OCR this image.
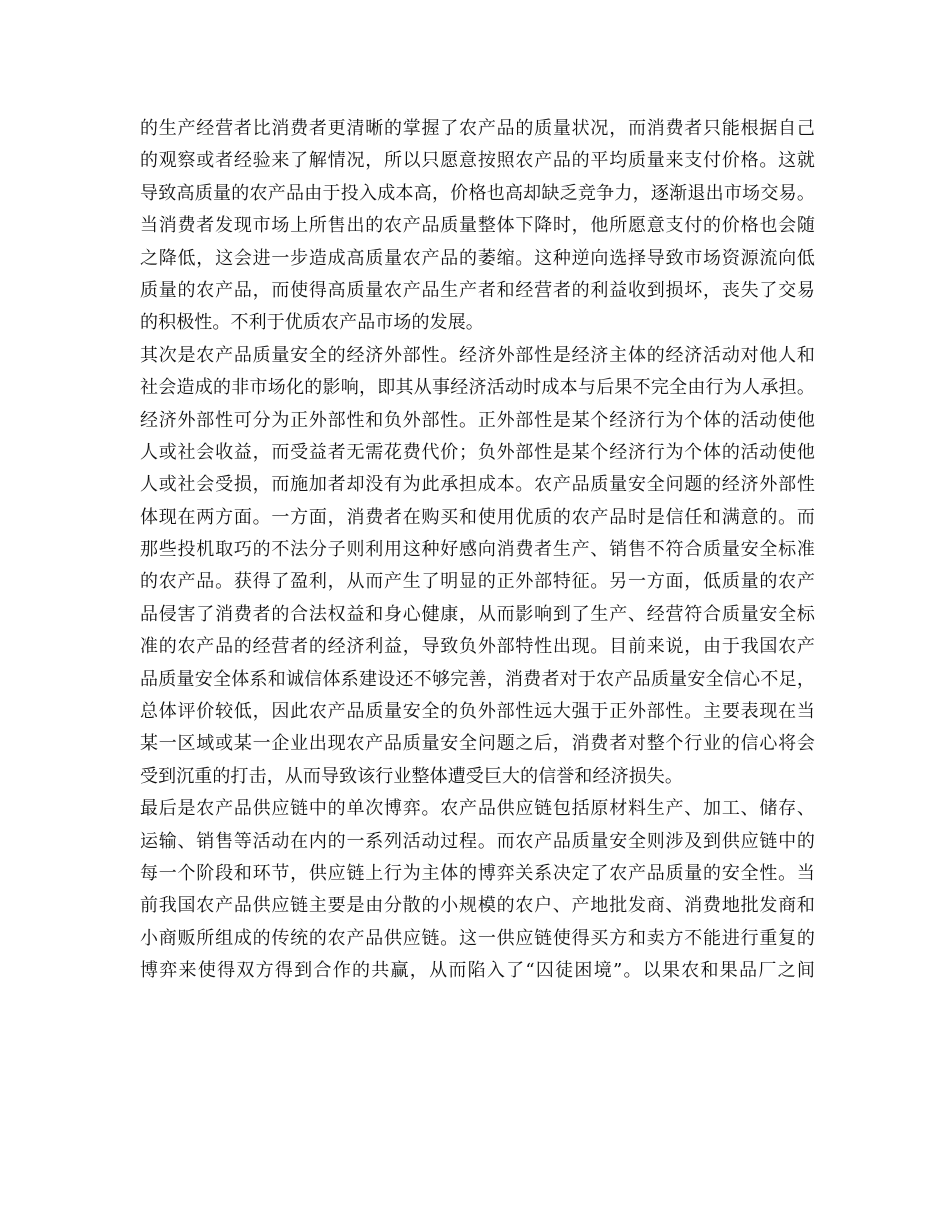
的生产经营者比消费者更清晰的掌握了农产品的质量状况，而消费者只能根据自己
的观察或者经验来了解情况，所以只愿意按照农产品的平均质量来支付价格。这就
导致高质量的农产品由于投入成本高，价格也高却缺乏竞争力，逐渐退出市场交易。
当消费者发现市场上所售出的农产品质量整体下降时，他所愿意支付的价格也会随
之降低，这会进一步造成高质量农产品的萎缩。这种逆向选择导致市场资源流向低
质量的农产品，而使得高质量农产品生产者和经营者的利益收到损坏，丧失了交易
的积极性。不利于优质农产品市场的发展。
其次是农产品质量安全的经济外部性。经济外部性是经济主体的经济活动对他人和
社会造成的非市场化的影响，即其从事经济活动时成本与后果不完全由行为人承担。
经济外部性可分为正外部性和负外部性。正外部性是某个经济行为个体的活动使他
人或社会收益，而受益者无需花费代价；负外部性是某个经济行为个体的活动使他
人或社会受损，而施加者却没有为此承担成本。农产品质量安全问题的经济外部性
体现在两方面。一方面，消费者在购买和使用优质的农产品时是信任和满意的。而
那些投机取巧的不法分子则利用这种好感向消费者生产、销售不符合质量安全标准
的农产品。获得了盈利，从而产生了明显的正外部特征。另一方面，低质量的农产
品侵害了消费者的合法权益和身心健康，从而影响到了生产、经营符合质量安全标
准的农产品的经营者的经济利益，导致负外部特性出现。目前来说，由于我国农产
品质量安全体系和诚信体系建设还不够完善，消费者对于农产品质量安全信心不足，
总体评价较低，因此农产品质量安全的负外部性远大强于正外部性。主要表现在当
某一区域或某一企业出现农产品质量安全问题之后，消费者对整个行业的信心将会
受到沉重的打击，从而导致该行业整体遭受巨大的信誉和经济损失。
最后是农产品供应链中的单次博弈。农产品供应链包括原材料生产、加工、储存、
运输、销售等活动在内的一系列活动过程。而农产品质量安全则涉及到供应链中的
每一个阶段和环节，供应链上行为主体的博弈关系决定了农产品质量的安全性。当
前我国农产品供应链主要是由分散的小规模的农户、产地批发商、消费地批发商和
小商贩所组成的传统的农产品供应链。这一供应链使得买方和卖方不能进行重复的
博弈来使得双方得到合作的共赢，从而陷入了“囚徒困境”。以果农和果品厂之间
